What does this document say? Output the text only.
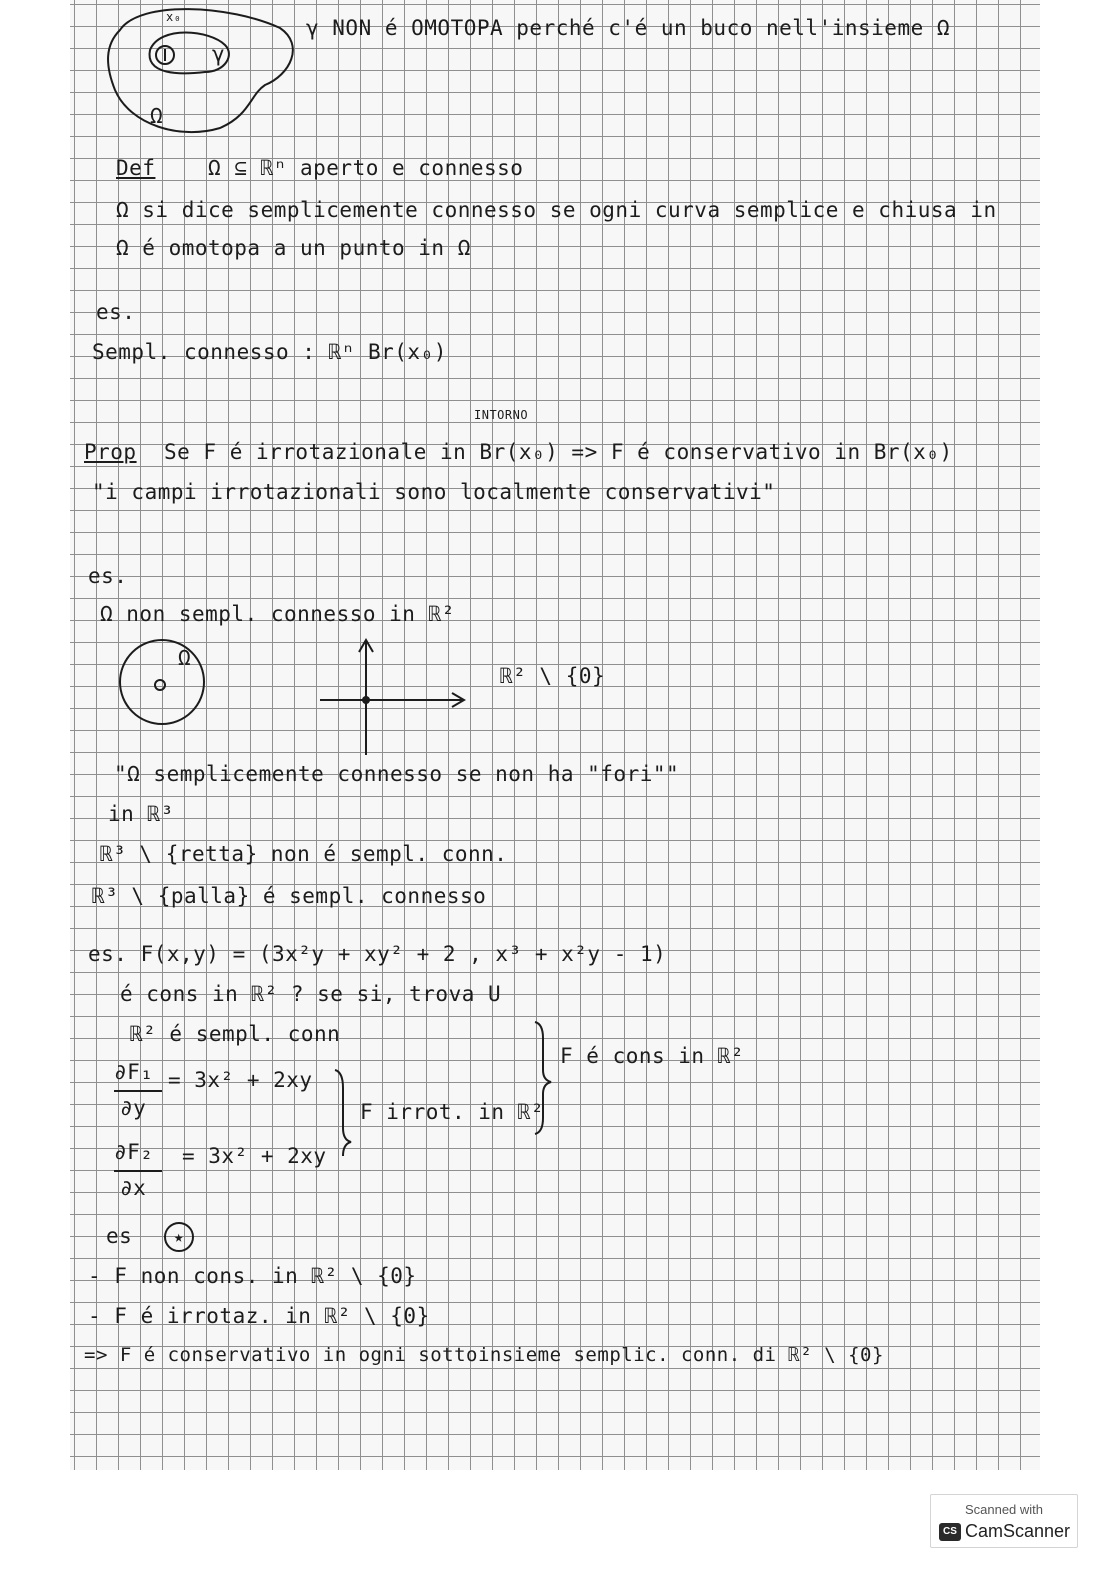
x₀
γ
Ω
γ NON é OMOTOPA perché c'é un buco nell'insieme Ω
Def	Ω ⊆ ℝⁿ aperto e connesso
Ω si dice semplicemente connesso se ogni curva semplice e chiusa in
Ω é omotopa a un punto in Ω
es.
Sempl. connesso : ℝⁿ Br(x₀)
INTORNO
Prop Se F é irrotazionale in Br(x₀) => F é conservativo in Br(x₀)
"i campi irrotazionali sono localmente conservativi"
es.
Ω non sempl. connesso in ℝ²
Ω
ℝ² \ {0}
"Ω semplicemente connesso se non ha "fori""
in ℝ³
ℝ³ \ {retta} non é sempl. conn.
ℝ³ \ {palla} é sempl. connesso
es. F(x,y) = (3x²y + xy² + 2 , x³ + x²y - 1)
é cons in ℝ² ? se si, trova U
ℝ² é sempl. conn
∂F₁
∂y
= 3x² + 2xy
∂F₂
∂x
= 3x² + 2xy
F irrot. in ℝ²
F é cons in ℝ²
es	★
- F non cons. in ℝ² \ {0}
- F é irrotaz. in ℝ² \ {0}
=> F é conservativo in ogni sottoinsieme semplic. conn. di ℝ² \ {0}
Scanned with
CS CamScanner
